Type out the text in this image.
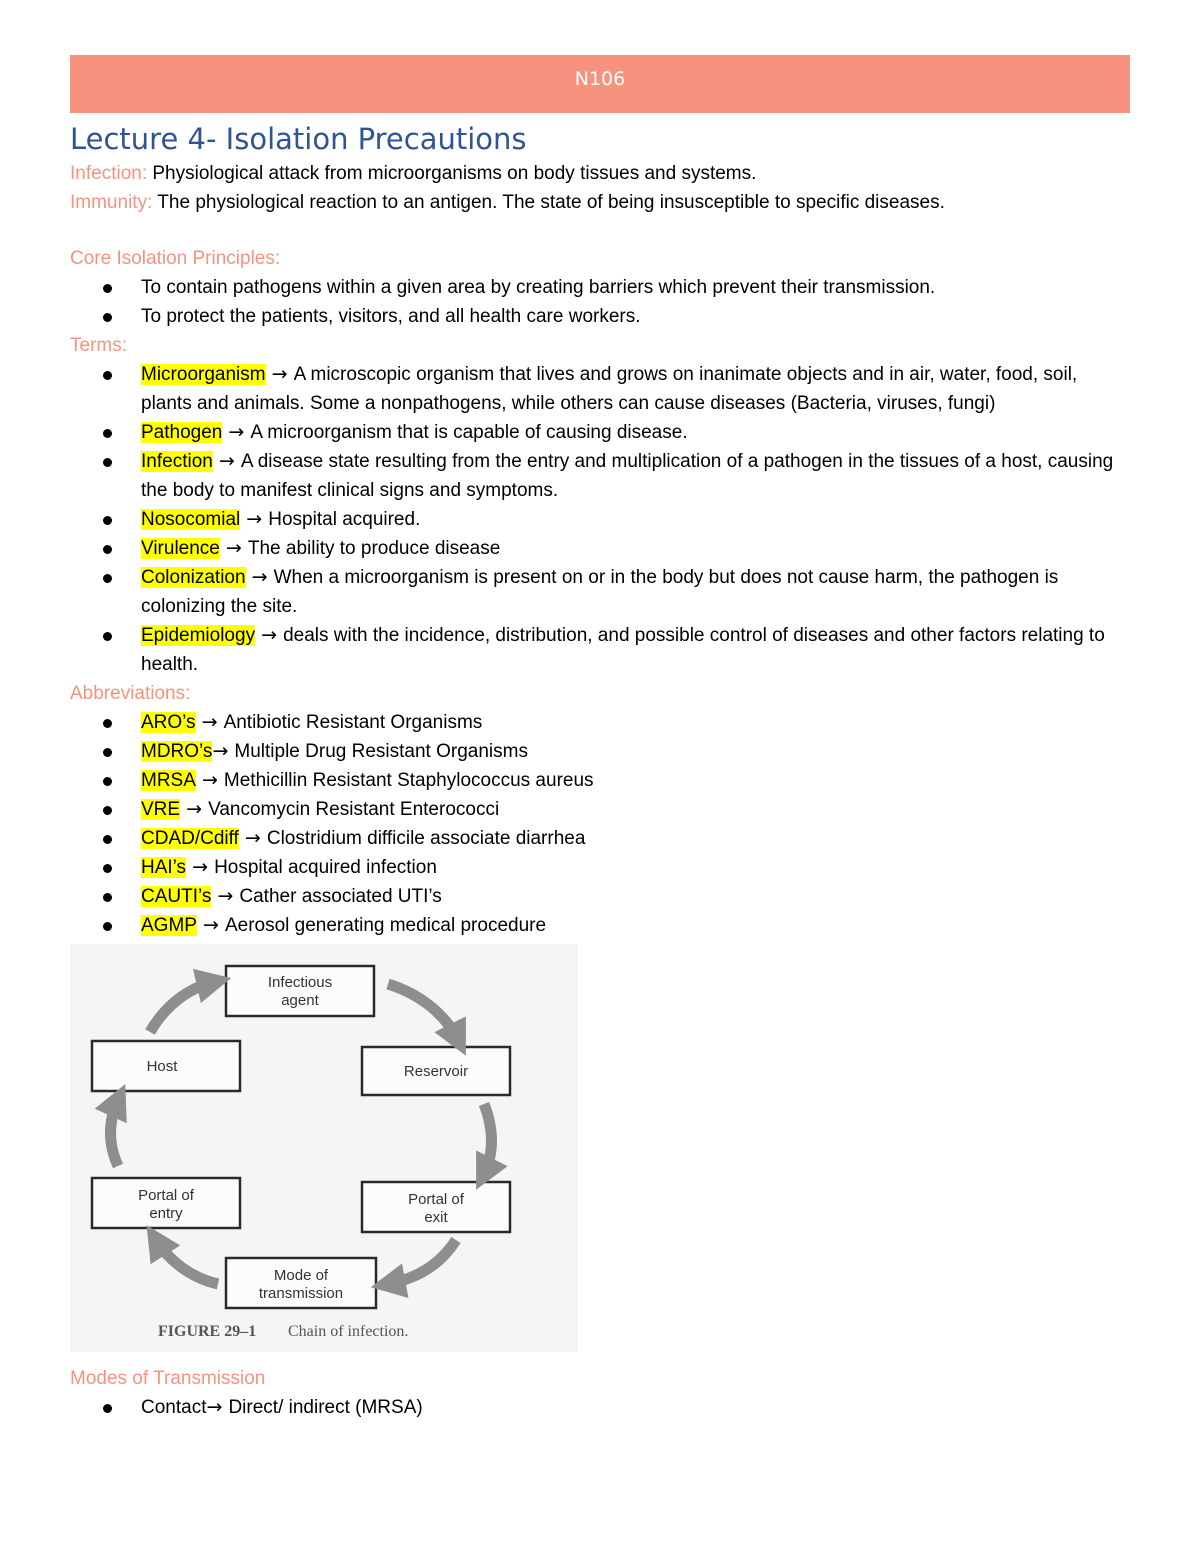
N106
Lecture 4- Isolation Precautions

Infection: Physiological attack from microorganisms on body tissues and systems.

Immunity: The physiological reaction to an antigen. The state of being insusceptible to specific diseases.

Core Isolation Principles:

To contain pathogens within a given area by creating barriers which prevent their transmission.
To protect the patients, visitors, and all health care workers.

Terms:

Microorganism → A microscopic organism that lives and grows on inanimate objects and in air, water, food, soil, plants and animals. Some a nonpathogens, while others can cause diseases (Bacteria, viruses, fungi)
Pathogen → A microorganism that is capable of causing disease.
Infection → A disease state resulting from the entry and multiplication of a pathogen in the tissues of a host, causing the body to manifest clinical signs and symptoms.
Nosocomial → Hospital acquired.
Virulence → The ability to produce disease
Colonization → When a microorganism is present on or in the body but does not cause harm, the pathogen is colonizing the site.
Epidemiology → deals with the incidence, distribution, and possible control of diseases and other factors relating to health.

Abbreviations:

ARO’s → Antibiotic Resistant Organisms
MDRO’s→ Multiple Drug Resistant Organisms
MRSA → Methicillin Resistant Staphylococcus aureus
VRE → Vancomycin Resistant Enterococci
CDAD/Cdiff → Clostridium difficile associate diarrhea
HAI’s → Hospital acquired infection
CAUTI’s → Cather associated UTI’s
AGMP → Aerosol generating medical procedure
Infectious
agent
Reservoir
Portal of
exit
Mode of
transmission
Portal of
entry
Host
FIGURE 29–1 Chain of infection.

Modes of Transmission

Contact→ Direct/ indirect (MRSA)
